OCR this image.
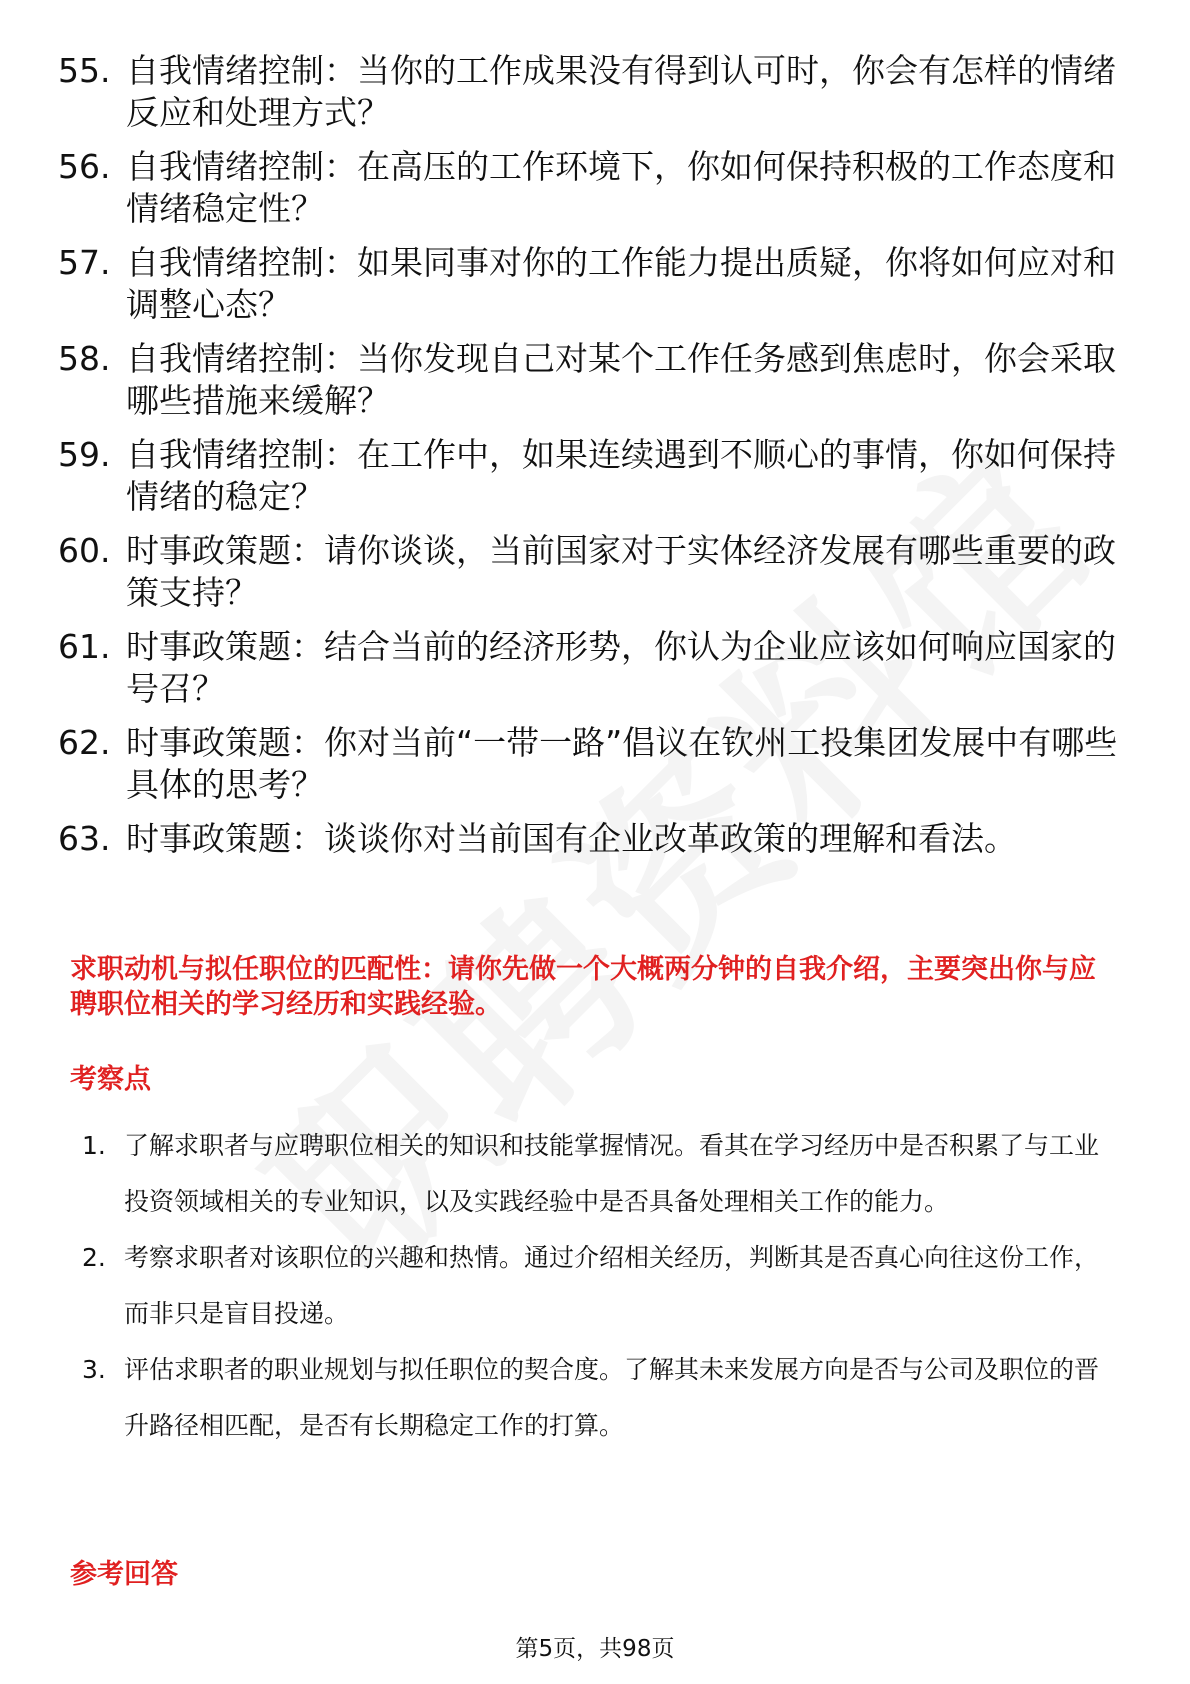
55. 自我情绪控制：当你的工作成果没有得到认可时，你会有怎样的情绪反应和处理方式？
56. 自我情绪控制：在高压的工作环境下，你如何保持积极的工作态度和情绪稳定性？
57. 自我情绪控制：如果同事对你的工作能力提出质疑，你将如何应对和调整心态？
58. 自我情绪控制：当你发现自己对某个工作任务感到焦虑时，你会采取哪些措施来缓解？
59. 自我情绪控制：在工作中，如果连续遇到不顺心的事情，你如何保持情绪的稳定？
60. 时事政策题：请你谈谈，当前国家对于实体经济发展有哪些重要的政策支持？
61. 时事政策题：结合当前的经济形势，你认为企业应该如何响应国家的号召？
62. 时事政策题：你对当前“一带一路”倡议在钦州工投集团发展中有哪些具体的思考？
63. 时事政策题：谈谈你对当前国有企业改革政策的理解和看法。
求职动机与拟任职位的匹配性：请你先做一个大概两分钟的自我介绍，主要突出你与应聘职位相关的学习经历和实践经验。
考察点
1. 了解求职者与应聘职位相关的知识和技能掌握情况。看其在学习经历中是否积累了与工业投资领域相关的专业知识，以及实践经验中是否具备处理相关工作的能力。
2. 考察求职者对该职位的兴趣和热情。通过介绍相关经历，判断其是否真心向往这份工作，而非只是盲目投递。
3. 评估求职者的职业规划与拟任职位的契合度。了解其未来发展方向是否与公司及职位的晋升路径相匹配，是否有长期稳定工作的打算。
参考回答
第5页，共98页
